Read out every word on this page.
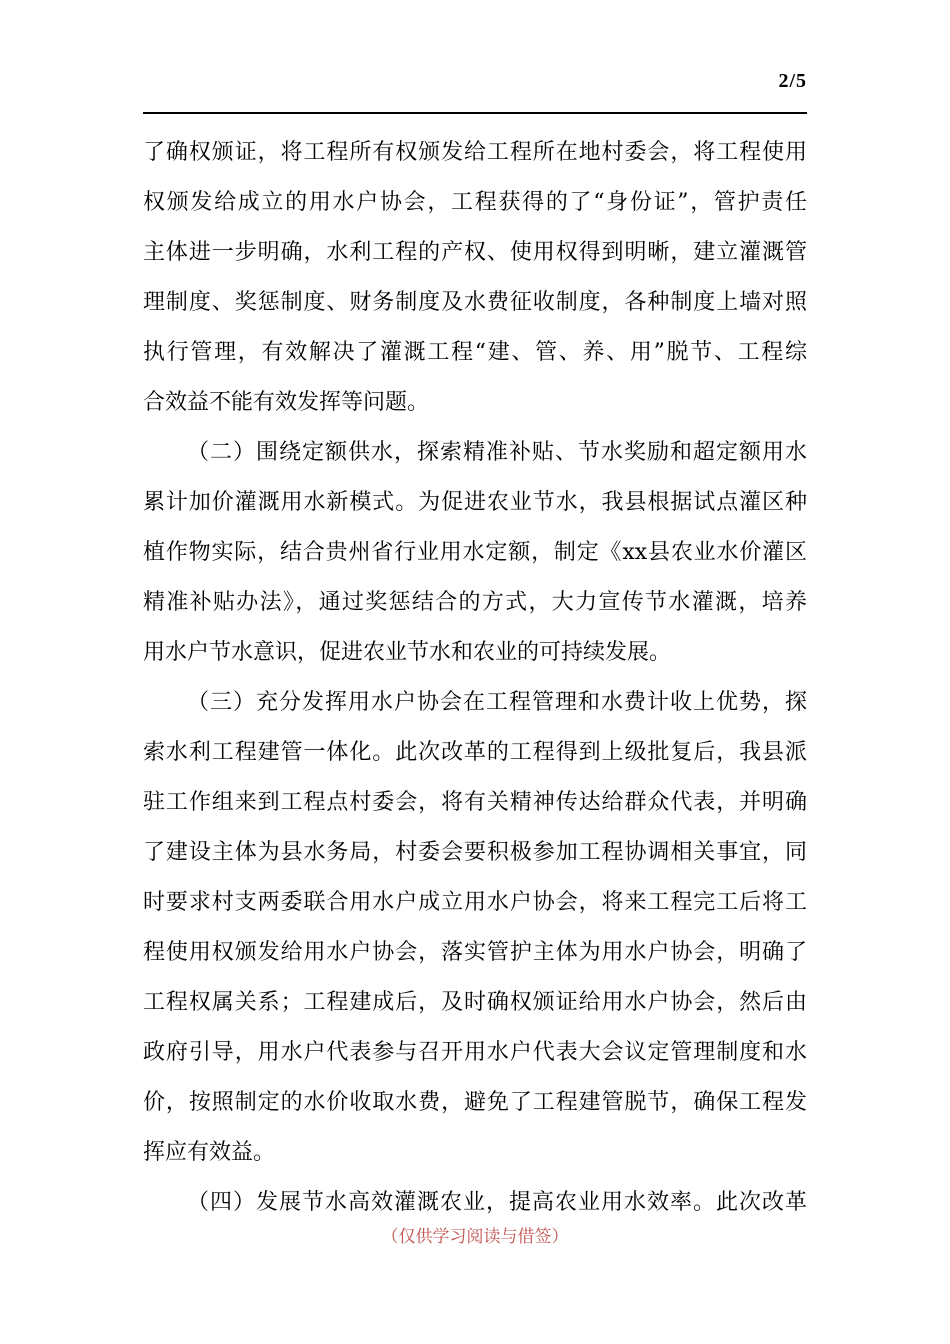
2/5
了确权颁证，将工程所有权颁发给工程所在地村委会，将工程使用
权颁发给成立的用水户协会，工程获得的了“身份证”，管护责任
主体进一步明确，水利工程的产权、使用权得到明晰，建立灌溉管
理制度、奖惩制度、财务制度及水费征收制度，各种制度上墙对照
执行管理，有效解决了灌溉工程“建、管、养、用”脱节、工程综
合效益不能有效发挥等问题。
（二）围绕定额供水，探索精准补贴、节水奖励和超定额用水
累计加价灌溉用水新模式。为促进农业节水，我县根据试点灌区种
植作物实际，结合贵州省行业用水定额，制定《xx县农业水价灌区
精准补贴办法》，通过奖惩结合的方式，大力宣传节水灌溉，培养
用水户节水意识，促进农业节水和农业的可持续发展。
（三）充分发挥用水户协会在工程管理和水费计收上优势，探
索水利工程建管一体化。此次改革的工程得到上级批复后，我县派
驻工作组来到工程点村委会，将有关精神传达给群众代表，并明确
了建设主体为县水务局，村委会要积极参加工程协调相关事宜，同
时要求村支两委联合用水户成立用水户协会，将来工程完工后将工
程使用权颁发给用水户协会，落实管护主体为用水户协会，明确了
工程权属关系；工程建成后，及时确权颁证给用水户协会，然后由
政府引导，用水户代表参与召开用水户代表大会议定管理制度和水
价，按照制定的水价收取水费，避免了工程建管脱节，确保工程发
挥应有效益。
（四）发展节水高效灌溉农业，提高农业用水效率。此次改革
（仅供学习阅读与借签）
